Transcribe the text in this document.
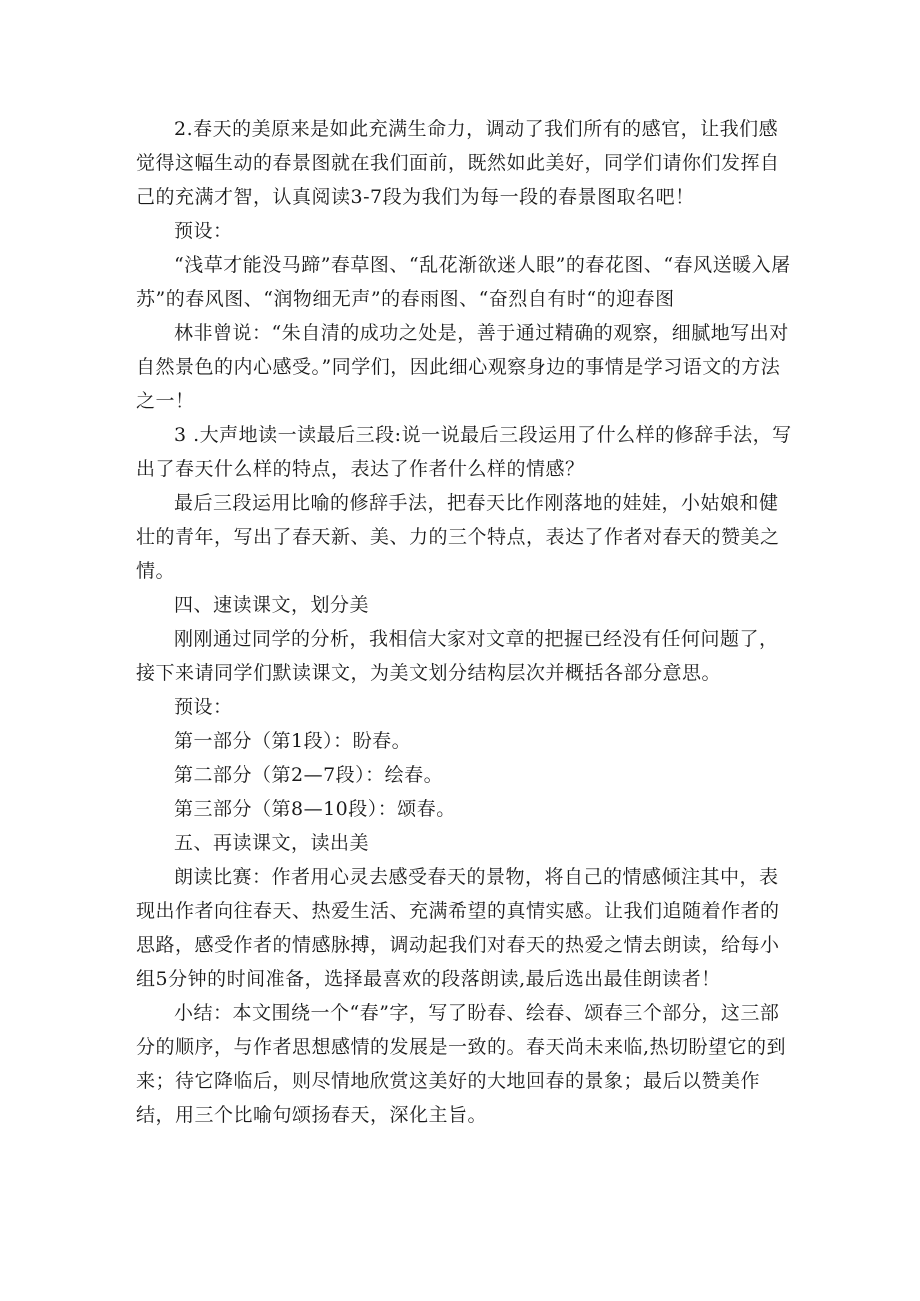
2.春天的美原来是如此充满生命力，调动了我们所有的感官，让我们感觉得这幅生动的春景图就在我们面前，既然如此美好，同学们请你们发挥自己的充满才智，认真阅读3-7段为我们为每一段的春景图取名吧！

预设：

“浅草才能没马蹄”春草图、“乱花渐欲迷人眼”的春花图、“春风送暖入屠苏”的春风图、“润物细无声”的春雨图、“奋烈自有时“的迎春图

林非曾说：“朱自清的成功之处是，善于通过精确的观察，细腻地写出对自然景色的内心感受。”同学们，因此细心观察身边的事情是学习语文的方法之一！

3 .大声地读一读最后三段:说一说最后三段运用了什么样的修辞手法，写出了春天什么样的特点，表达了作者什么样的情感？

最后三段运用比喻的修辞手法，把春天比作刚落地的娃娃，小姑娘和健壮的青年，写出了春天新、美、力的三个特点，表达了作者对春天的赞美之情。

四、速读课文，划分美

刚刚通过同学的分析，我相信大家对文章的把握已经没有任何问题了，接下来请同学们默读课文，为美文划分结构层次并概括各部分意思。

预设：

第一部分（第1段）：盼春。

第二部分（第2—7段）：绘春。

第三部分（第8—10段）：颂春。

五、再读课文，读出美

朗读比赛：作者用心灵去感受春天的景物，将自己的情感倾注其中，表现出作者向往春天、热爱生活、充满希望的真情实感。让我们追随着作者的思路，感受作者的情感脉搏，调动起我们对春天的热爱之情去朗读，给每小组5分钟的时间准备，选择最喜欢的段落朗读,最后选出最佳朗读者！

小结：本文围绕一个“春”字，写了盼春、绘春、颂春三个部分，这三部分的顺序，与作者思想感情的发展是一致的。春天尚未来临,热切盼望它的到来；待它降临后，则尽情地欣赏这美好的大地回春的景象；最后以赞美作结，用三个比喻句颂扬春天，深化主旨。
